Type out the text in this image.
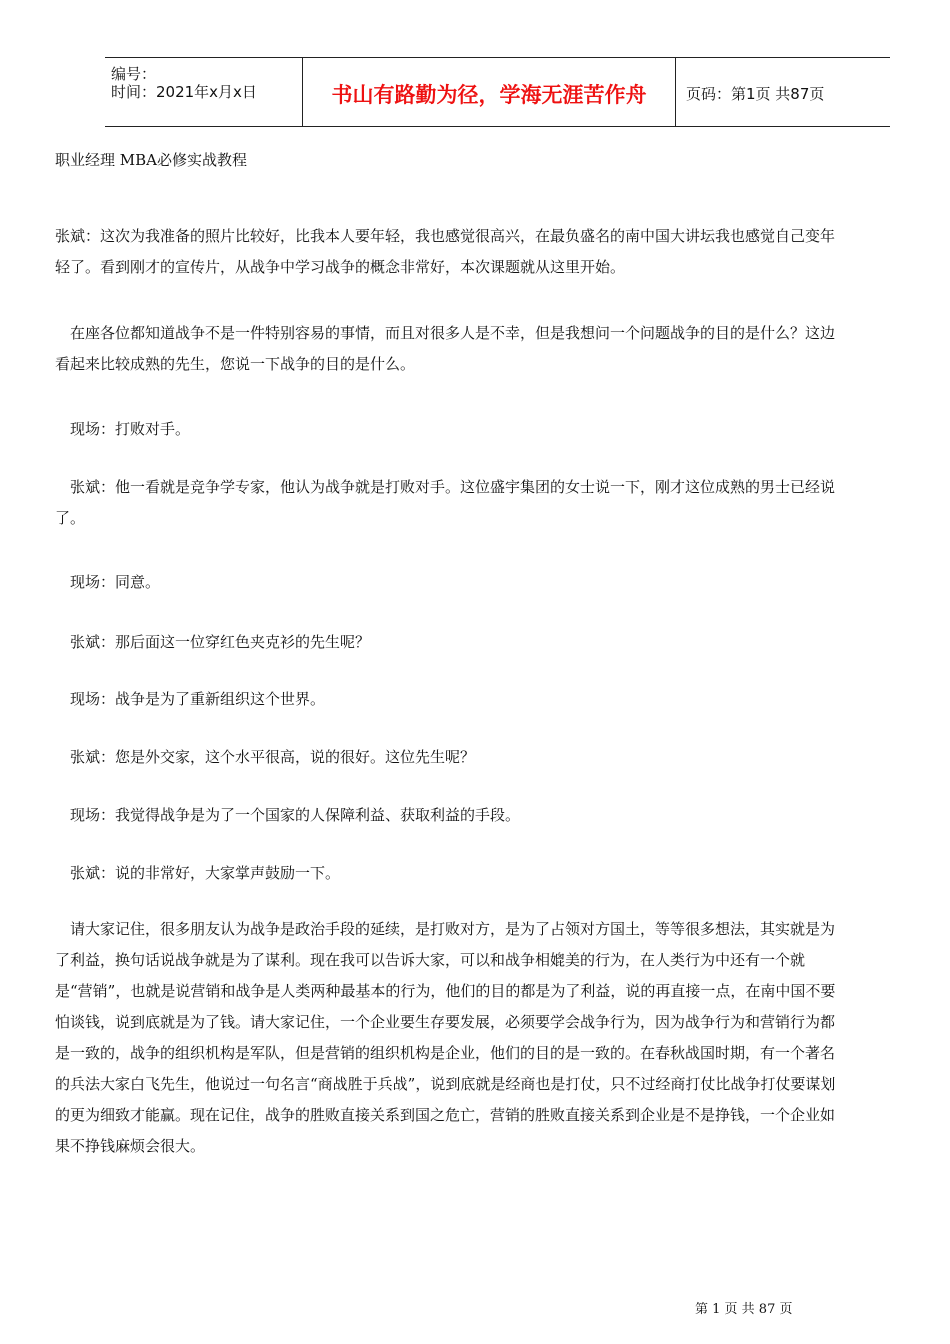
编号：
时间：2021年x月x日	书山有路勤为径，学海无涯苦作舟	页码：第1页 共87页
职业经理 MBA必修实战教程
张斌：这次为我准备的照片比较好，比我本人要年轻，我也感觉很高兴，在最负盛名的南中国大讲坛我也感觉自己变年轻了。看到刚才的宣传片，从战争中学习战争的概念非常好，本次课题就从这里开始。
在座各位都知道战争不是一件特别容易的事情，而且对很多人是不幸，但是我想问一个问题战争的目的是什么？这边看起来比较成熟的先生，您说一下战争的目的是什么。
现场：打败对手。
张斌：他一看就是竞争学专家，他认为战争就是打败对手。这位盛宇集团的女士说一下，刚才这位成熟的男士已经说了。
现场：同意。
张斌：那后面这一位穿红色夹克衫的先生呢？
现场：战争是为了重新组织这个世界。
张斌：您是外交家，这个水平很高，说的很好。这位先生呢？
现场：我觉得战争是为了一个国家的人保障利益、获取利益的手段。
张斌：说的非常好，大家掌声鼓励一下。
请大家记住，很多朋友认为战争是政治手段的延续，是打败对方，是为了占领对方国土，等等很多想法，其实就是为了利益，换句话说战争就是为了谋利。现在我可以告诉大家，可以和战争相媲美的行为，在人类行为中还有一个就是“营销”，也就是说营销和战争是人类两种最基本的行为，他们的目的都是为了利益，说的再直接一点，在南中国不要怕谈钱，说到底就是为了钱。请大家记住，一个企业要生存要发展，必须要学会战争行为，因为战争行为和营销行为都是一致的，战争的组织机构是军队，但是营销的组织机构是企业，他们的目的是一致的。在春秋战国时期，有一个著名的兵法大家白飞先生，他说过一句名言“商战胜于兵战”，说到底就是经商也是打仗，只不过经商打仗比战争打仗要谋划的更为细致才能赢。现在记住，战争的胜败直接关系到国之危亡，营销的胜败直接关系到企业是不是挣钱，一个企业如果不挣钱麻烦会很大。
第 1 页 共 87 页
